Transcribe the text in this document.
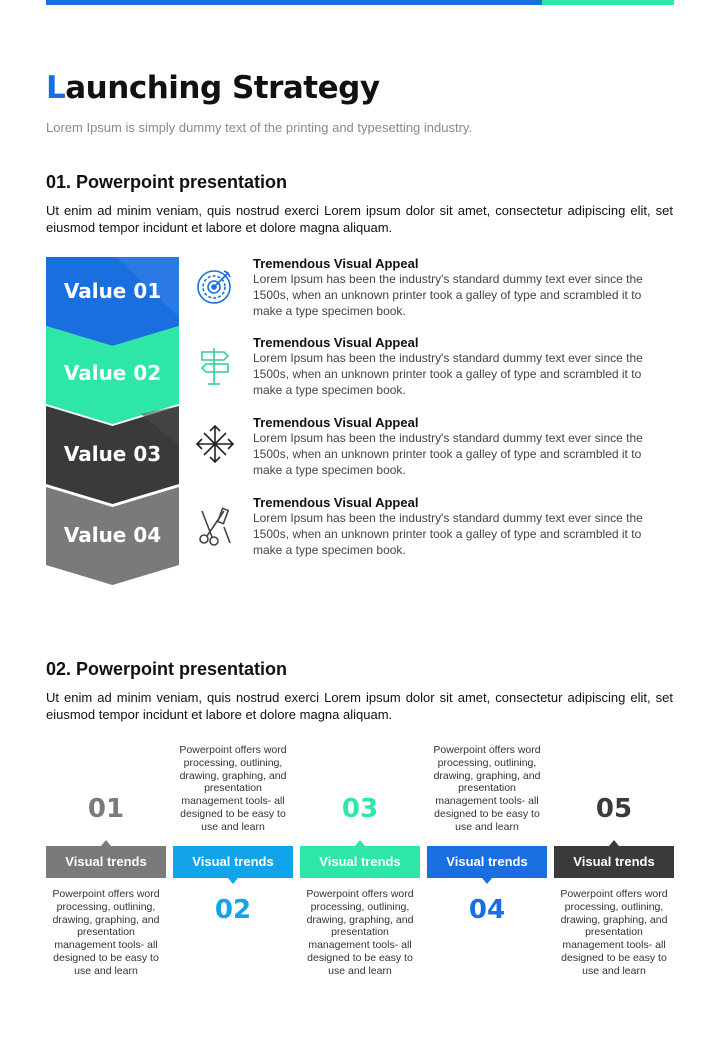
Launching Strategy
Lorem Ipsum is simply dummy text of the printing and typesetting industry.
01. Powerpoint presentation
Ut enim ad minim veniam, quis nostrud exerci Lorem ipsum dolor sit amet, consectetur adipiscing elit, set eiusmod tempor incidunt et labore et dolore magna aliquam.
Value 01
Value 02
Value 03
Value 04
Tremendous Visual Appeal
Lorem Ipsum has been the industry's standard dummy text ever since the 1500s, when an unknown printer took a galley of type and scrambled it to make a type specimen book.
Tremendous Visual Appeal
Lorem Ipsum has been the industry's standard dummy text ever since the 1500s, when an unknown printer took a galley of type and scrambled it to make a type specimen book.
Tremendous Visual Appeal
Lorem Ipsum has been the industry's standard dummy text ever since the 1500s, when an unknown printer took a galley of type and scrambled it to make a type specimen book.
Tremendous Visual Appeal
Lorem Ipsum has been the industry's standard dummy text ever since the 1500s, when an unknown printer took a galley of type and scrambled it to make a type specimen book.
02. Powerpoint presentation
Ut enim ad minim veniam, quis nostrud exerci Lorem ipsum dolor sit amet, consectetur adipiscing elit, set eiusmod tempor incidunt et labore et dolore magna aliquam.
01
Visual trends
Powerpoint offers word processing, outlining, drawing, graphing, and presentation management tools- all designed to be easy to use and learn
Powerpoint offers word processing, outlining, drawing, graphing, and presentation management tools- all designed to be easy to use and learn
Visual trends
02
03
Visual trends
Powerpoint offers word processing, outlining, drawing, graphing, and presentation management tools- all designed to be easy to use and learn
Powerpoint offers word processing, outlining, drawing, graphing, and presentation management tools- all designed to be easy to use and learn
Visual trends
04
05
Visual trends
Powerpoint offers word processing, outlining, drawing, graphing, and presentation management tools- all designed to be easy to use and learn
